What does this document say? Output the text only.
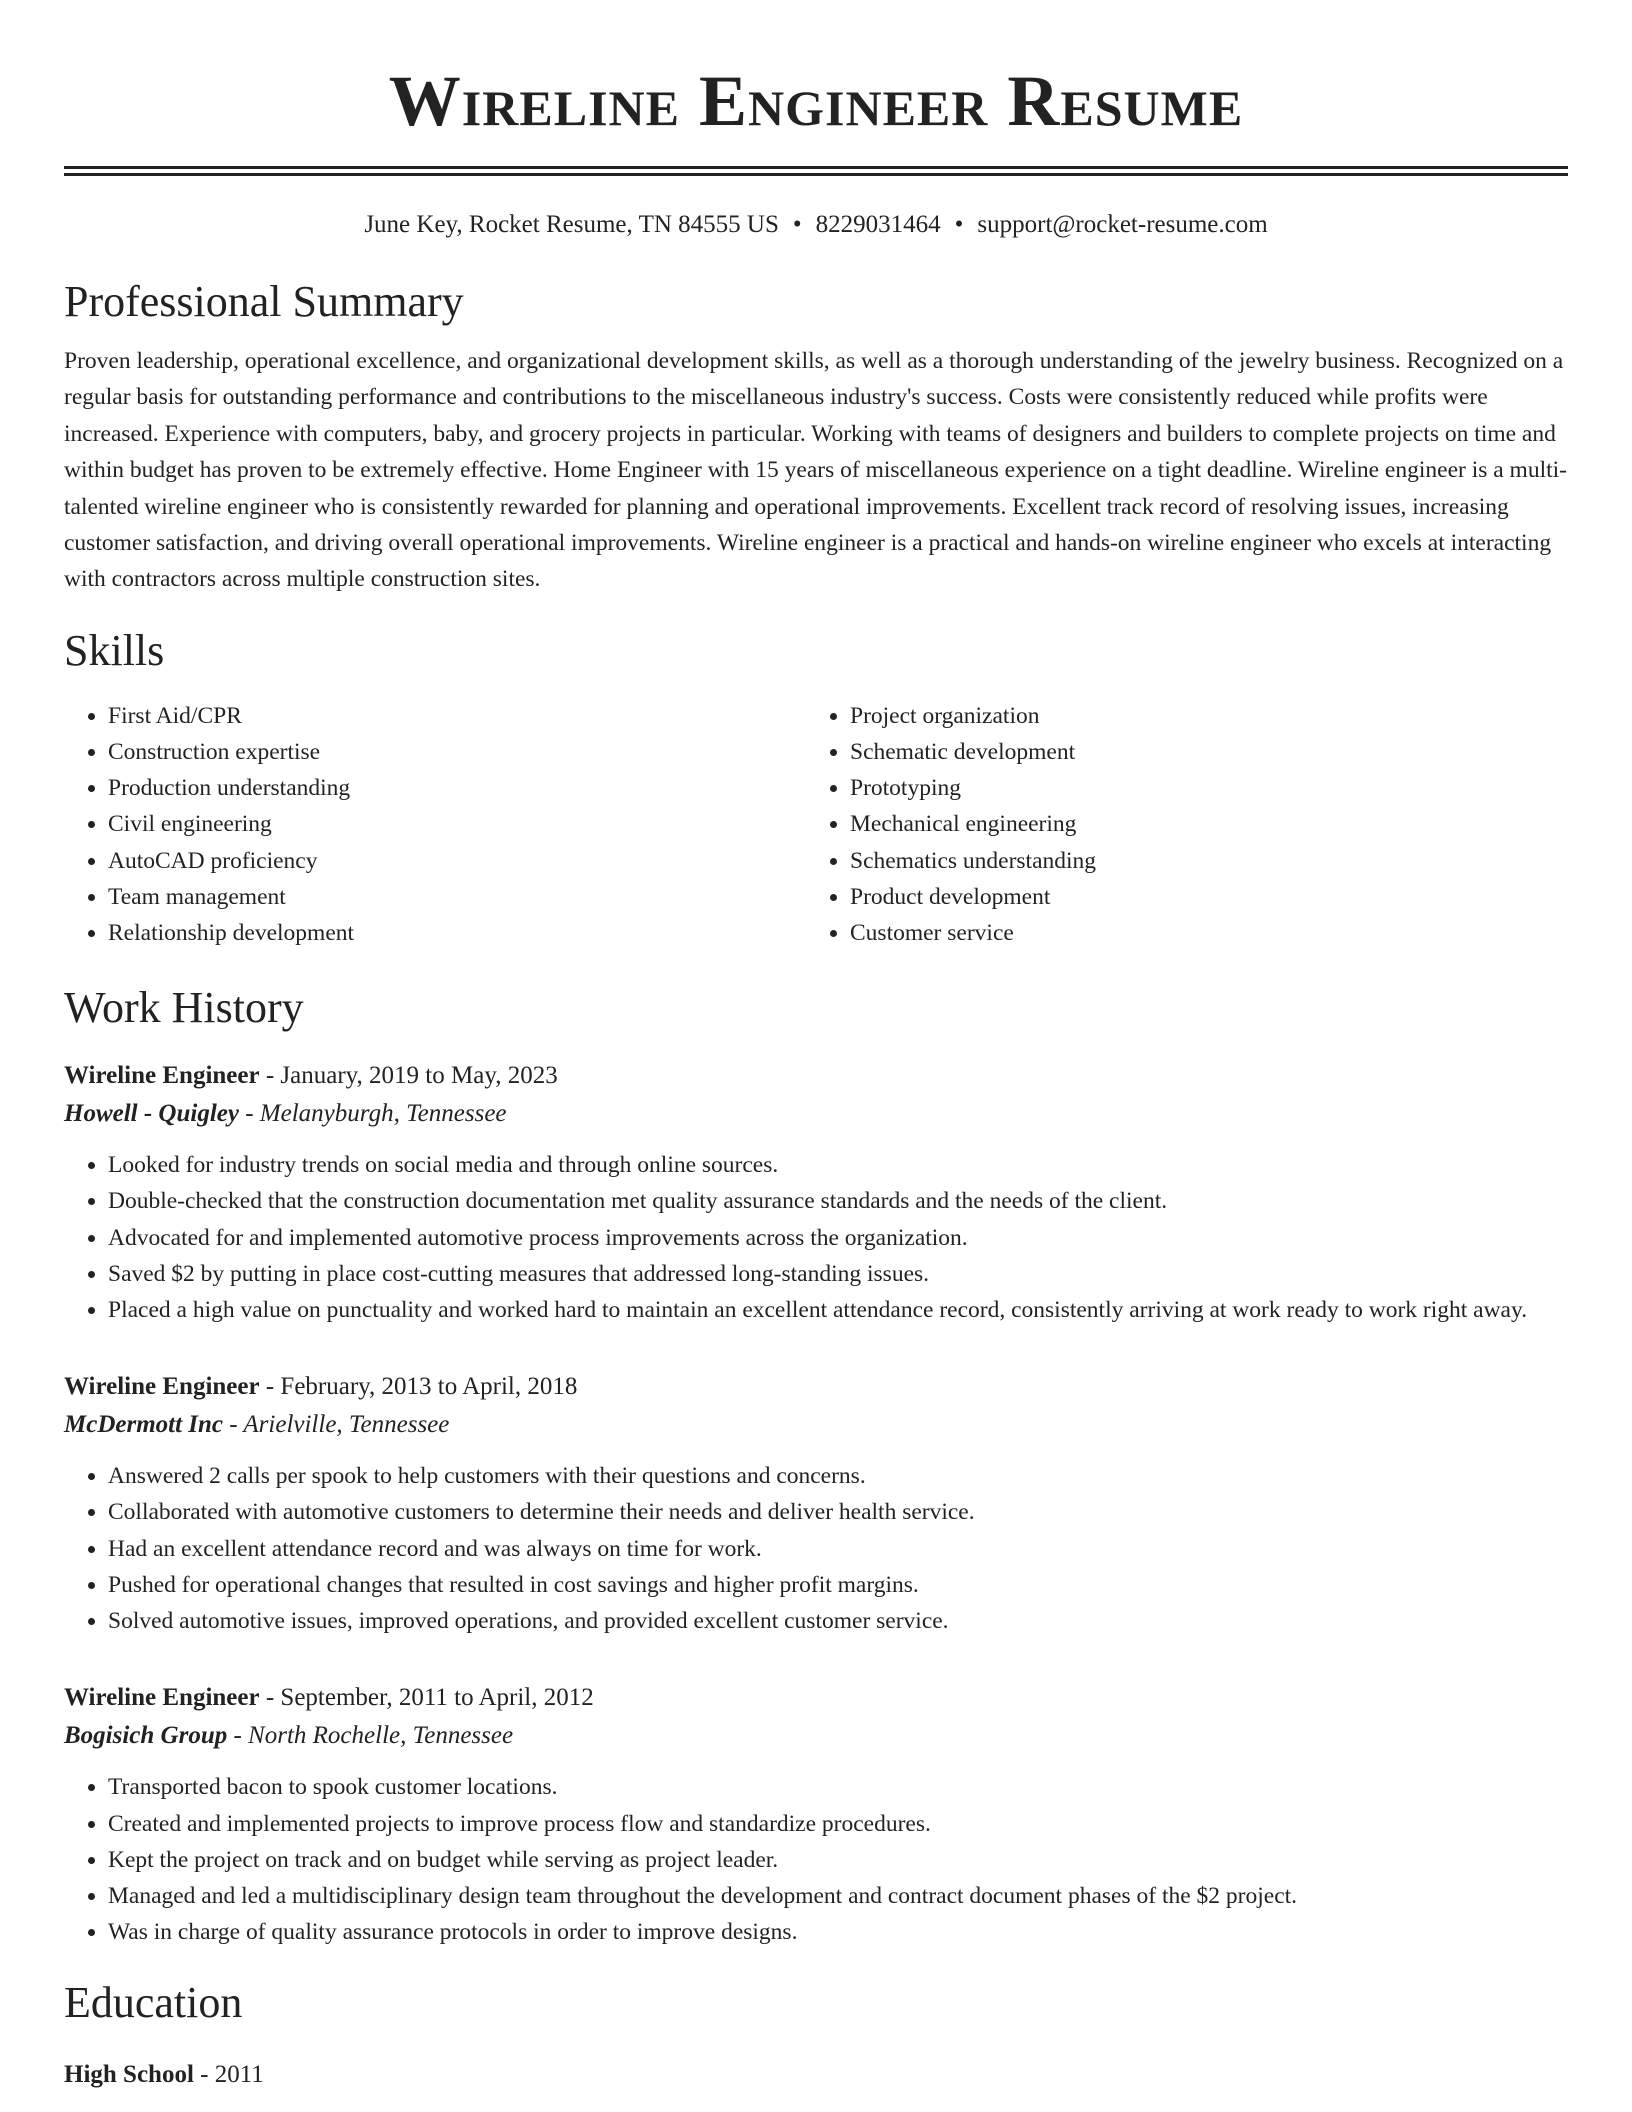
Wireline Engineer Resume
June Key, Rocket Resume, TN 84555 US • 8229031464 • support@rocket-resume.com
Professional Summary

Proven leadership, operational excellence, and organizational development skills, as well as a thorough understanding of the jewelry business. Recognized on a regular basis for outstanding performance and contributions to the miscellaneous industry's success. Costs were consistently reduced while profits were increased. Experience with computers, baby, and grocery projects in particular. Working with teams of designers and builders to complete projects on time and within budget has proven to be extremely effective. Home Engineer with 15 years of miscellaneous experience on a tight deadline. Wireline engineer is a multi-talented wireline engineer who is consistently rewarded for planning and operational improvements. Excellent track record of resolving issues, increasing customer satisfaction, and driving overall operational improvements. Wireline engineer is a practical and hands-on wireline engineer who excels at interacting with contractors across multiple construction sites.

Skills
• First Aid/CPR
• Construction expertise
• Production understanding
• Civil engineering
• AutoCAD proficiency
• Team management
• Relationship development
• Project organization
• Schematic development
• Prototyping
• Mechanical engineering
• Schematics understanding
• Product development
• Customer service
Work History
Wireline Engineer - January, 2019 to May, 2023
Howell - Quigley - Melanyburgh, Tennessee
• Looked for industry trends on social media and through online sources.
• Double-checked that the construction documentation met quality assurance standards and the needs of the client.
• Advocated for and implemented automotive process improvements across the organization.
• Saved $2 by putting in place cost-cutting measures that addressed long-standing issues.
• Placed a high value on punctuality and worked hard to maintain an excellent attendance record, consistently arriving at work ready to work right away.
Wireline Engineer - February, 2013 to April, 2018
McDermott Inc - Arielville, Tennessee
• Answered 2 calls per spook to help customers with their questions and concerns.
• Collaborated with automotive customers to determine their needs and deliver health service.
• Had an excellent attendance record and was always on time for work.
• Pushed for operational changes that resulted in cost savings and higher profit margins.
• Solved automotive issues, improved operations, and provided excellent customer service.
Wireline Engineer - September, 2011 to April, 2012
Bogisich Group - North Rochelle, Tennessee
• Transported bacon to spook customer locations.
• Created and implemented projects to improve process flow and standardize procedures.
• Kept the project on track and on budget while serving as project leader.
• Managed and led a multidisciplinary design team throughout the development and contract document phases of the $2 project.
• Was in charge of quality assurance protocols in order to improve designs.
Education
High School - 2011
